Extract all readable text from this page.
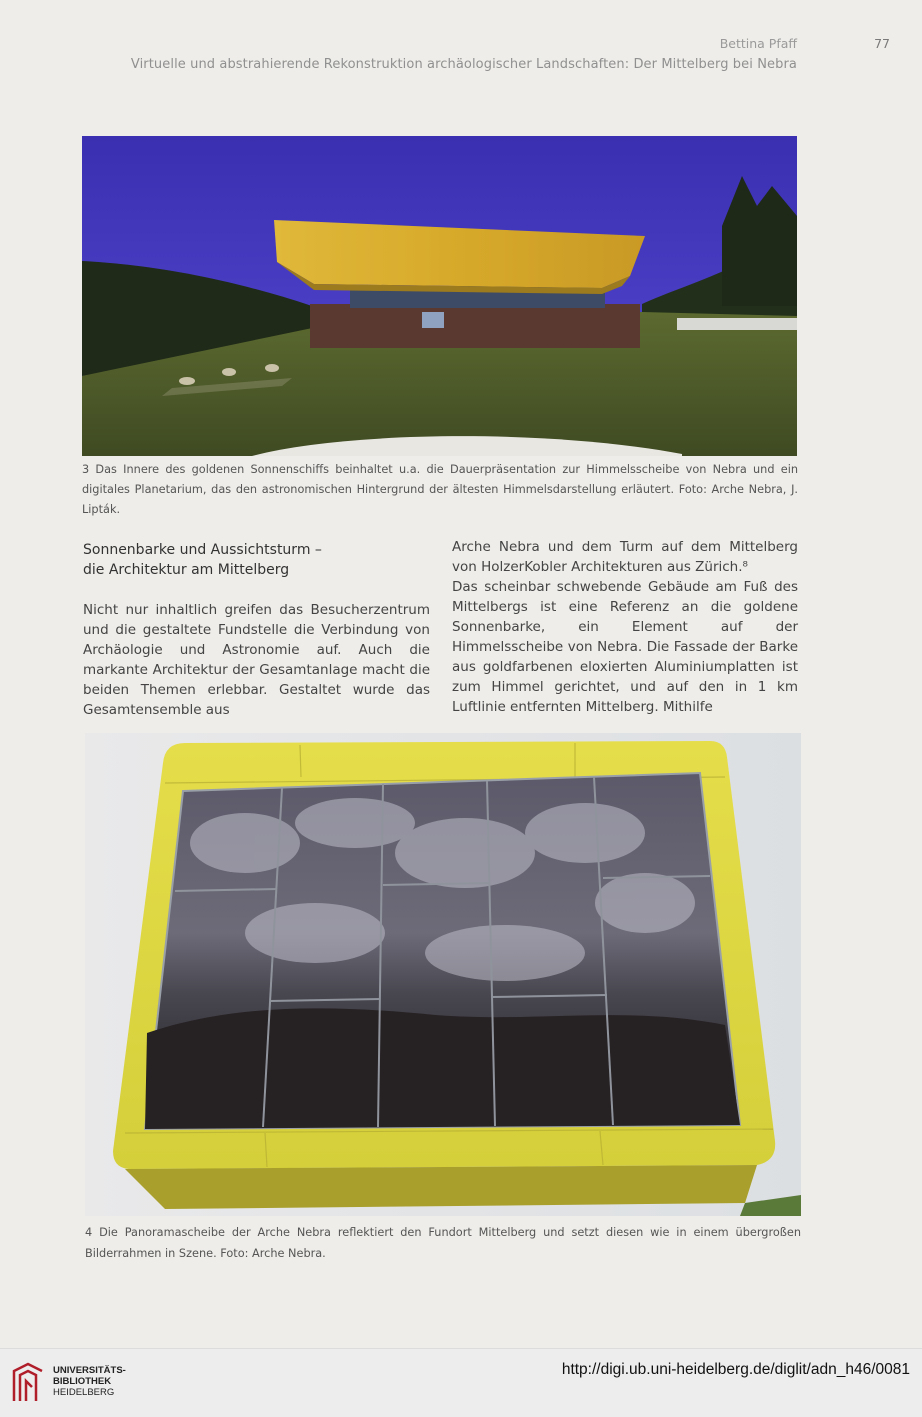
Bettina Pfaff	77
Virtuelle und abstrahierende Rekonstruktion archäologischer Landschaften: Der Mittelberg bei Nebra
3 Das Innere des goldenen Sonnenschiffs beinhaltet u.a. die Dauerpräsentation zur Himmelsscheibe von Nebra und ein digitales Planetarium, das den astronomischen Hintergrund der ältesten Himmelsdarstellung erläutert. Foto: Arche Nebra, J. Lipták.
Sonnenbarke und Aussichtsturm –
die Architektur am Mittelberg

Nicht nur inhaltlich greifen das Besucherzentrum und die gestaltete Fundstelle die Verbindung von Archäologie und Astronomie auf. Auch die markante Architektur der Gesamtanlage macht die beiden Themen erlebbar. Gestaltet wurde das Gesamtensemble aus

Arche Nebra und dem Turm auf dem Mittelberg von HolzerKobler Architekturen aus Zürich.⁸

Das scheinbar schwebende Gebäude am Fuß des Mittelbergs ist eine Referenz an die goldene Sonnenbarke, ein Element auf der Himmelsscheibe von Nebra. Die Fassade der Barke aus goldfarbenen eloxierten Aluminiumplatten ist zum Himmel gerichtet, und auf den in 1 km Luftlinie entfernten Mittelberg. Mithilfe

4 Die Panoramascheibe der Arche Nebra reflektiert den Fundort Mittelberg und setzt diesen wie in einem übergroßen Bilderrahmen in Szene. Foto: Arche Nebra.
UNIVERSITÄTS-
BIBLIOTHEK
HEIDELBERG
http://digi.ub.uni-heidelberg.de/diglit/adn_h46/0081
